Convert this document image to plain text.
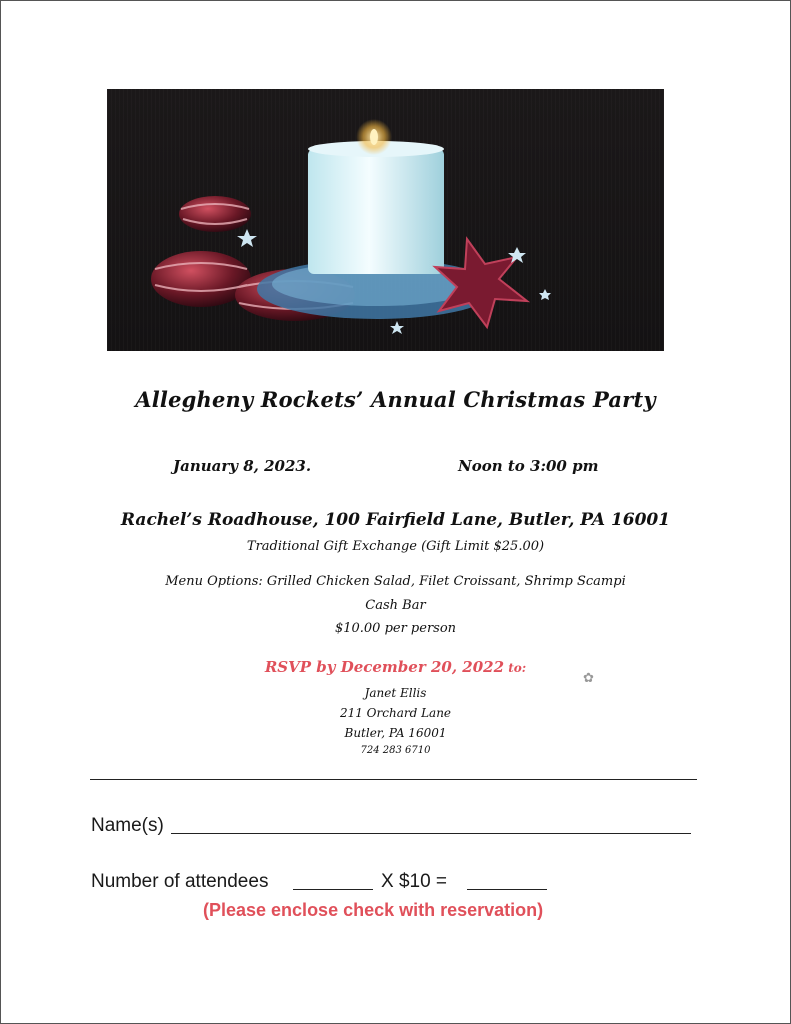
Allegheny Rockets’ Annual Christmas Party
January 8, 2023.	Noon to 3:00 pm
Rachel’s Roadhouse, 100 Fairfield Lane, Butler, PA 16001
Traditional Gift Exchange (Gift Limit $25.00)
Menu Options: Grilled Chicken Salad, Filet Croissant, Shrimp Scampi
Cash Bar
$10.00 per person
RSVP by December 20, 2022 to:
Janet Ellis
211 Orchard Lane
Butler, PA 16001
724 283 6710
✿
Name(s)
Number of attendees	X $10 =
(Please enclose check with reservation)
